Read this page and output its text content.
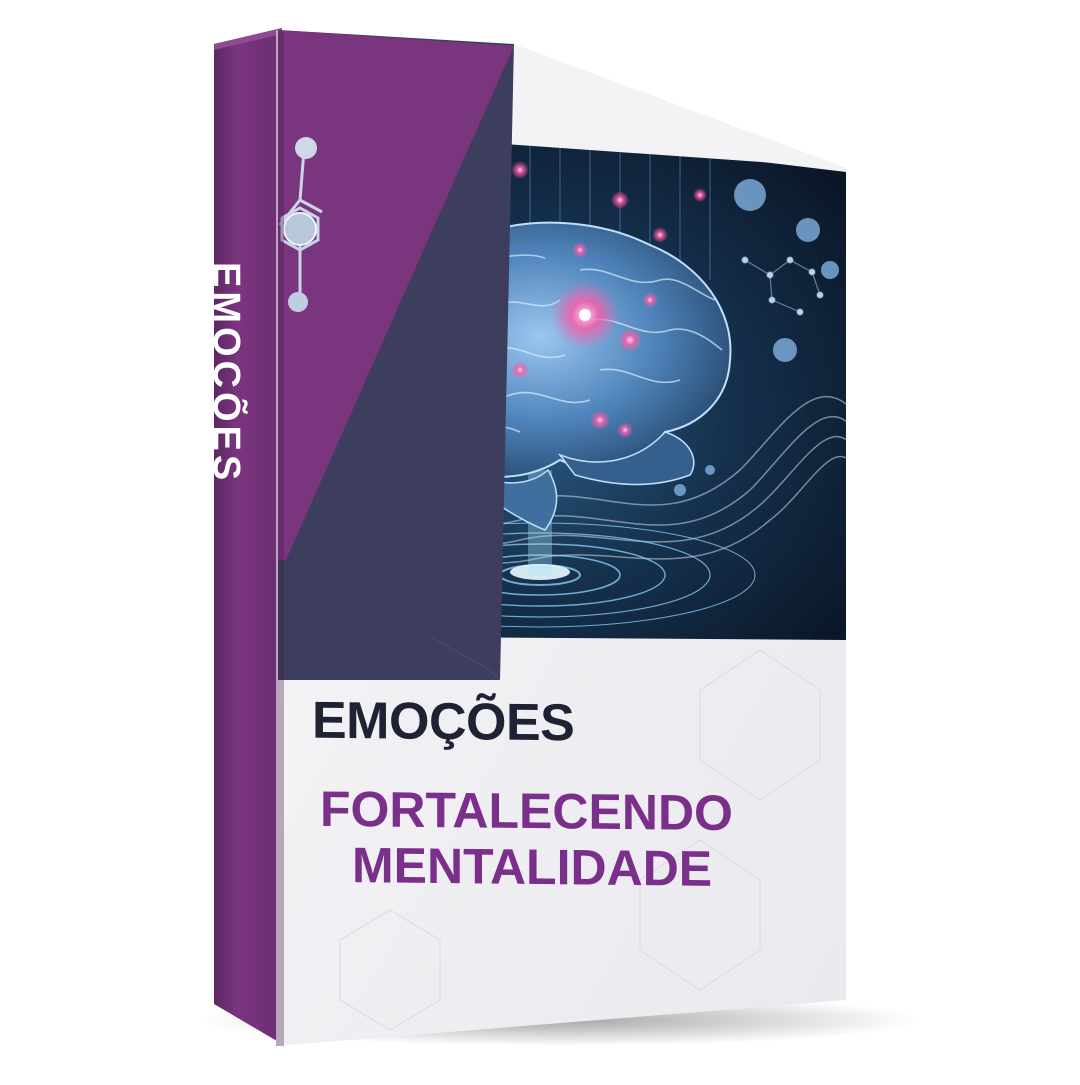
EMOÇÕES
EMOÇÕES
FORTALECENDO
MENTALIDADE
